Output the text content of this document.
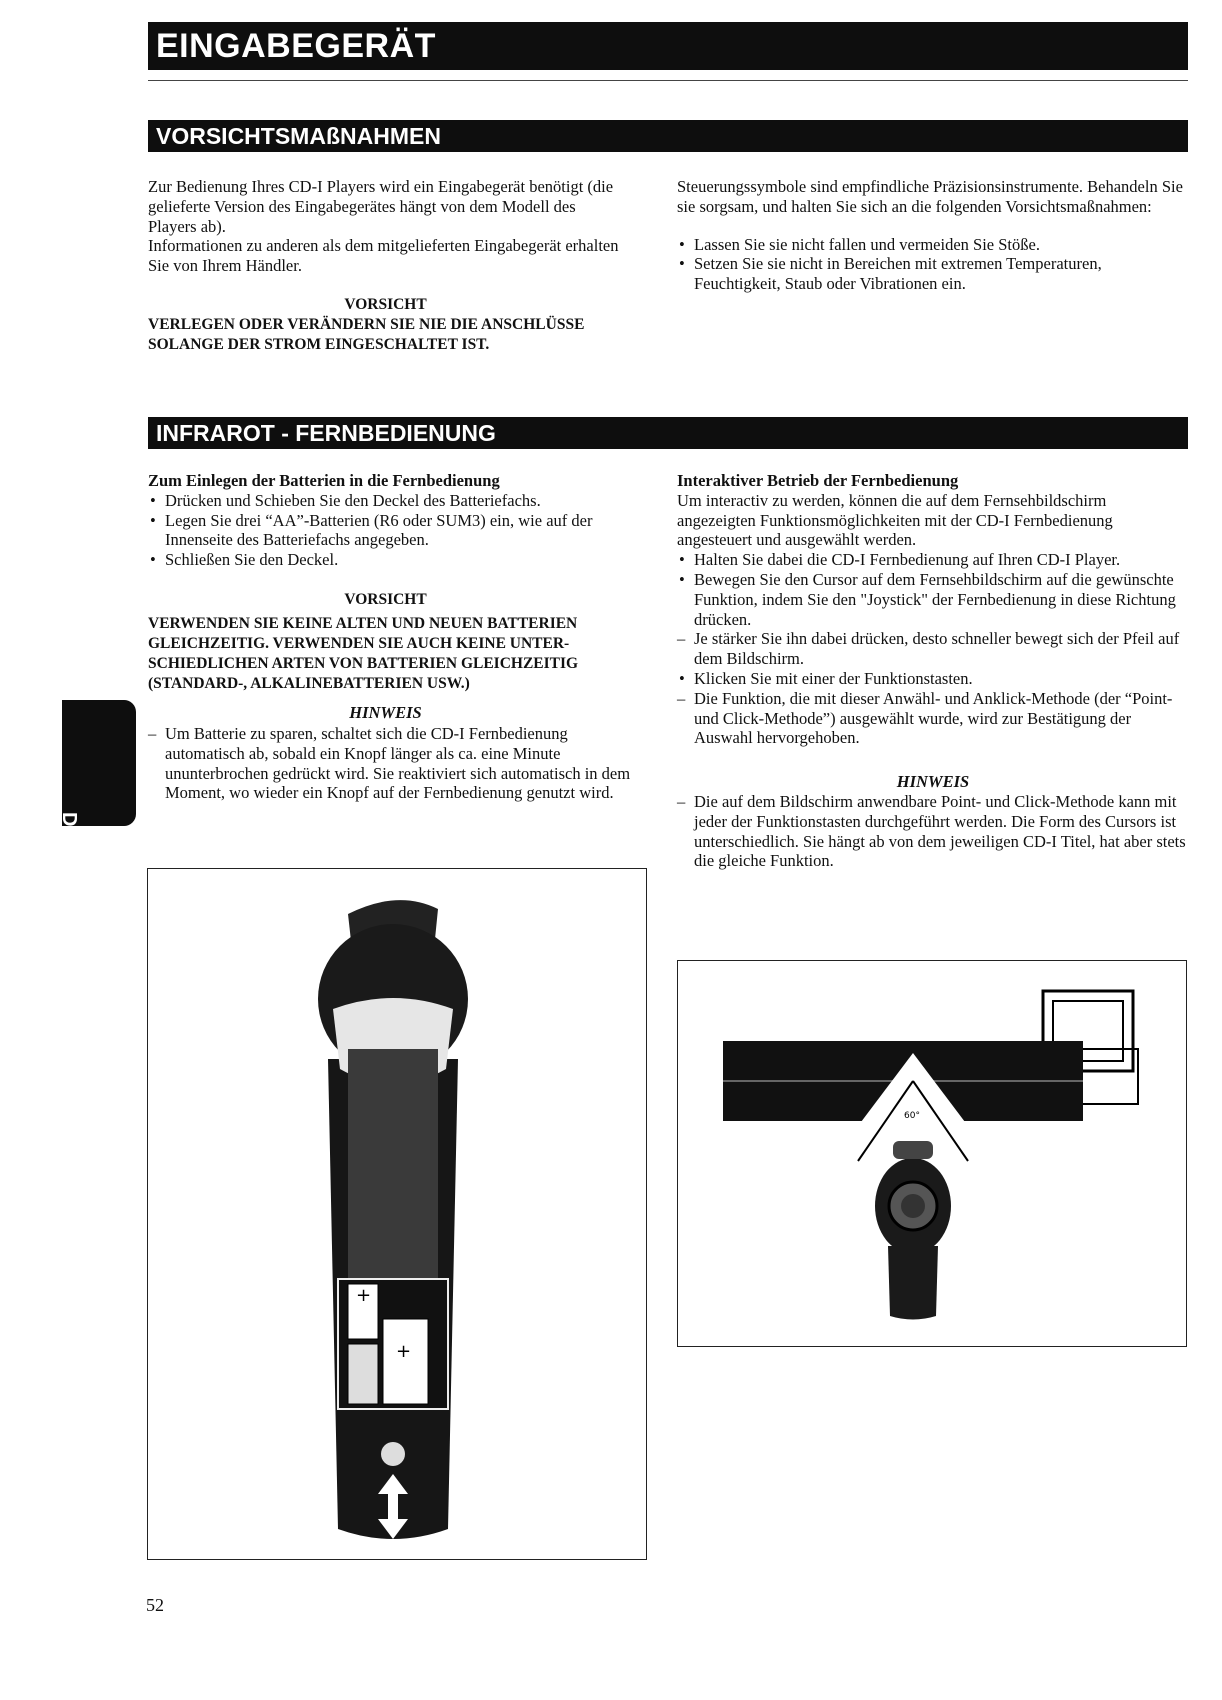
EINGABEGERÄT
VORSICHTSMAßNAHMEN

Zur Bedienung Ihres CD-I Players wird ein Eingabegerät benötigt (die gelieferte Version des Eingabegerätes hängt von dem Modell des Players ab).

Informationen zu anderen als dem mitgelieferten Eingabegerät erhalten Sie von Ihrem Händler.

VORSICHT
VERLEGEN ODER VERÄNDERN SIE NIE DIE ANSCHLÜSSE SOLANGE DER STROM EINGESCHALTET IST.

Steuerungssymbole sind empfindliche Präzisionsinstrumente. Behandeln Sie sie sorgsam, und halten Sie sich an die folgenden Vorsichtsmaßnahmen:

• Lassen Sie sie nicht fallen und vermeiden Sie Stöße.
• Setzen Sie sie nicht in Bereichen mit extremen Temperaturen, Feuchtigkeit, Staub oder Vibrationen ein.
INFRAROT - FERNBEDIENUNG

Zum Einlegen der Batterien in die Fernbedienung

• Drücken und Schieben Sie den Deckel des Batteriefachs.
• Legen Sie drei “AA”-Batterien (R6 oder SUM3) ein, wie auf der Innenseite des Batteriefachs angegeben.
• Schließen Sie den Deckel.
VORSICHT
VERWENDEN SIE KEINE ALTEN UND NEUEN BATTERIEN GLEICHZEITIG. VERWENDEN SIE AUCH KEINE UNTER-SCHIEDLICHEN ARTEN VON BATTERIEN GLEICHZEITIG (STANDARD-, ALKALINEBATTERIEN USW.)
HINWEIS
– Um Batterie zu sparen, schaltet sich die CD-I Fernbedienung automatisch ab, sobald ein Knopf länger als ca. eine Minute ununterbrochen gedrückt wird. Sie reaktiviert sich automatisch in dem Moment, wo wieder ein Knopf auf der Fernbedienung genutzt wird.

Interaktiver Betrieb der Fernbedienung

Um interactiv zu werden, können die auf dem Fernsehbildschirm angezeigten Funktionsmöglichkeiten mit der CD-I Fernbedienung angesteuert und ausgewählt werden.

• Halten Sie dabei die CD-I Fernbedienung auf Ihren CD-I Player.
• Bewegen Sie den Cursor auf dem Fernsehbildschirm auf die gewünschte Funktion, indem Sie den "Joystick" der Fernbedienung in diese Richtung drücken.
– Je stärker Sie ihn dabei drücken, desto schneller bewegt sich der Pfeil auf dem Bildschirm.
• Klicken Sie mit einer der Funktionstasten.
– Die Funktion, die mit dieser Anwähl- und Anklick-Methode (der “Point- und Click-Methode”) ausgewählt wurde, wird zur Bestätigung der Auswahl hervorgehoben.

HINWEIS

– Die auf dem Bildschirm anwendbare Point- und Click-Methode kann mit jeder der Funktionstasten durchgeführt werden. Die Form des Cursors ist unterschiedlich. Sie hängt ab von dem jeweiligen CD-I Titel, hat aber stets die gleiche Funktion.
Deutsch
+
+
60°
52
